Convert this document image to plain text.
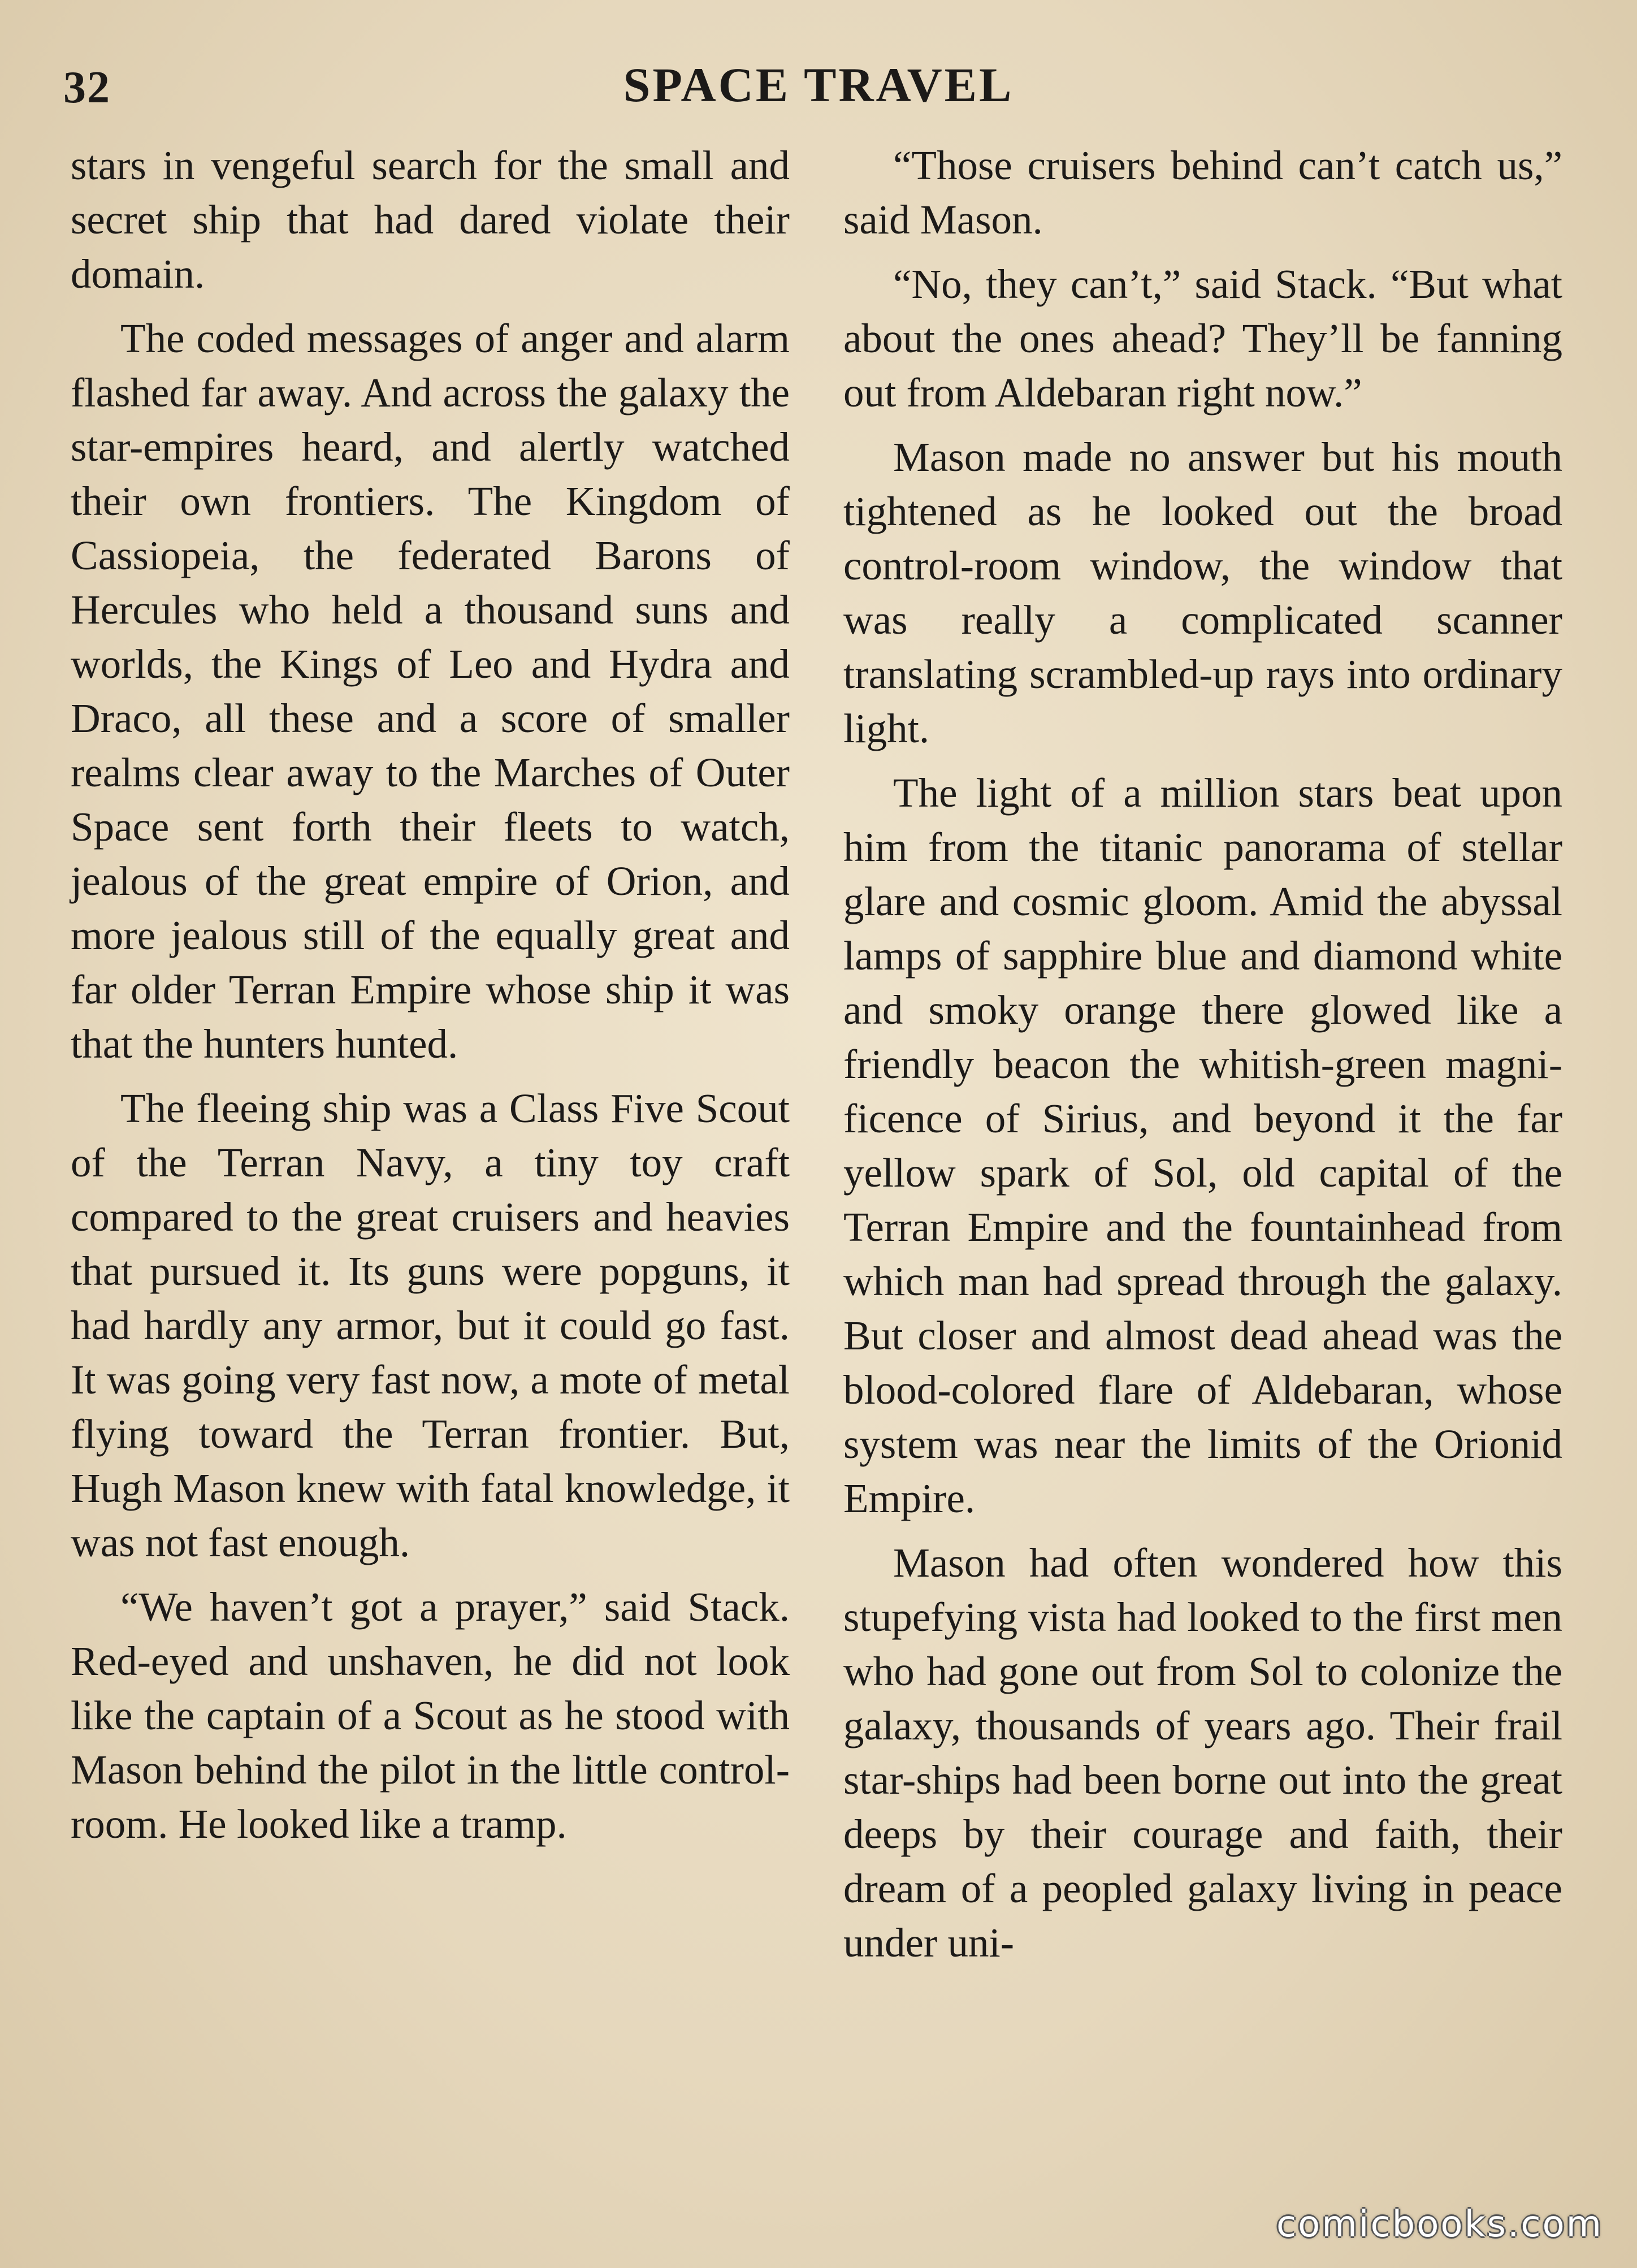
32	SPACE TRAVEL

stars in vengeful search for the small and secret ship that had dared violate their domain.

The coded messages of anger and alarm flashed far away. And across the galaxy the star-empires heard, and alertly watched their own frontiers. The Kingdom of Cassiopeia, the federated Barons of Hercules who held a thousand suns and worlds, the Kings of Leo and Hydra and Draco, all these and a score of smaller realms clear away to the Marches of Outer Space sent forth their fleets to watch, jealous of the great empire of Orion, and more jealous still of the equally great and far older Terran Empire whose ship it was that the hunters hunted.

The fleeing ship was a Class Five Scout of the Terran Navy, a tiny toy craft compared to the great cruisers and heavies that pursued it. Its guns were popguns, it had hardly any armor, but it could go fast. It was going very fast now, a mote of metal flying toward the Terran frontier. But, Hugh Mason knew with fatal knowledge, it was not fast enough.

“We haven’t got a prayer,” said Stack. Red-eyed and unshaven, he did not look like the captain of a Scout as he stood with Mason behind the pilot in the little controlroom. He looked like a tramp.

“Those cruisers behind can’t catch us,” said Mason.

“No, they can’t,” said Stack. “But what about the ones ahead? They’ll be fanning out from Aldebaran right now.”

Mason made no answer but his mouth tightened as he looked out the broad control-room window, the window that was really a complicated scanner translating scrambled-up rays into ordinary light.

The light of a million stars beat upon him from the titanic panorama of stellar glare and cosmic gloom. Amid the abyssal lamps of sapphire blue and diamond white and smoky orange there glowed like a friendly beacon the whitish-green magnificence of Sirius, and beyond it the far yellow spark of Sol, old capital of the Terran Empire and the fountainhead from which man had spread through the galaxy. But closer and almost dead ahead was the blood-colored flare of Aldebaran, whose system was near the limits of the Orionid Empire.

Mason had often wondered how this stupefying vista had looked to the first men who had gone out from Sol to colonize the galaxy, thousands of years ago. Their frail star-ships had been borne out into the great deeps by their courage and faith, their dream of a peopled galaxy living in peace under uni-

comicbooks.com
